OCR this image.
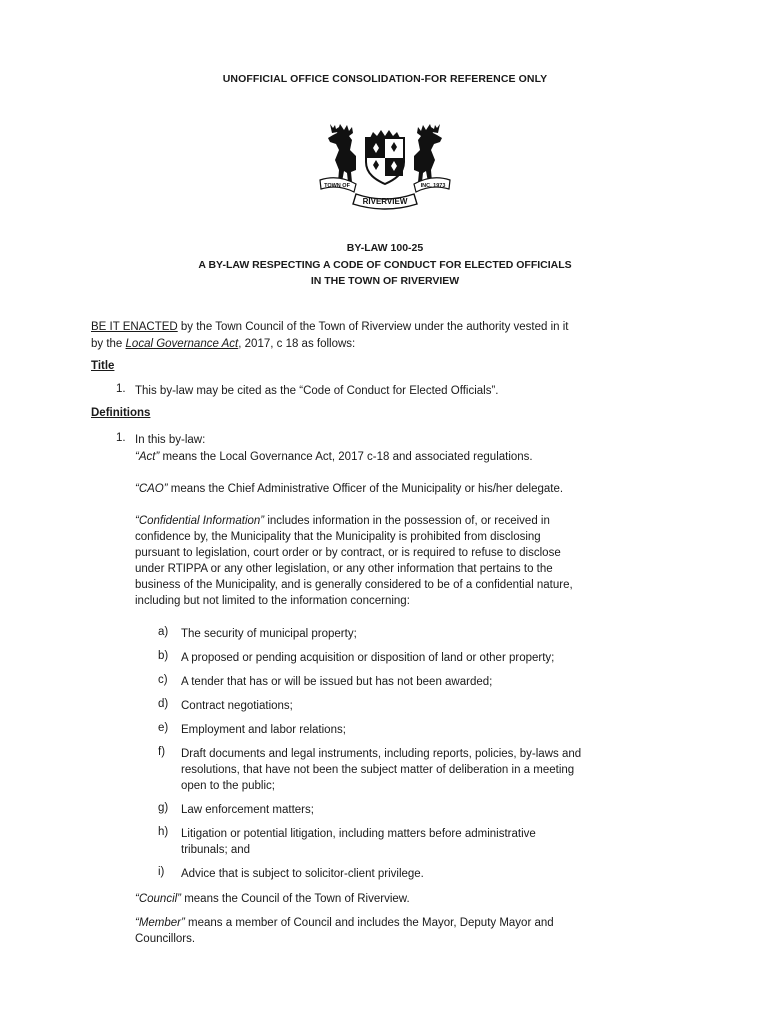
UNOFFICIAL OFFICE CONSOLIDATION-FOR REFERENCE ONLY
TOWN OF	INC. 1973
RIVERVIEW
BY-LAW 100-25
A BY-LAW RESPECTING A CODE OF CONDUCT FOR ELECTED OFFICIALS
IN THE TOWN OF RIVERVIEW
BE IT ENACTED by the Town Council of the Town of Riverview under the authority vested in it
by the Local Governance Act, 2017, c 18 as follows:
Title
1. This by-law may be cited as the “Code of Conduct for Elected Officials”.
Definitions
1. In this by-law:
“Act” means the Local Governance Act, 2017 c-18 and associated regulations.
“CAO” means the Chief Administrative Officer of the Municipality or his/her delegate.
“Confidential Information” includes information in the possession of, or received in
confidence by, the Municipality that the Municipality is prohibited from disclosing
pursuant to legislation, court order or by contract, or is required to refuse to disclose
under RTIPPA or any other legislation, or any other information that pertains to the
business of the Municipality, and is generally considered to be of a confidential nature,
including but not limited to the information concerning:
a) The security of municipal property;
b) A proposed or pending acquisition or disposition of land or other property;
c) A tender that has or will be issued but has not been awarded;
d) Contract negotiations;
e) Employment and labor relations;
f) Draft documents and legal instruments, including reports, policies, by-laws and
resolutions, that have not been the subject matter of deliberation in a meeting
open to the public;
g) Law enforcement matters;
h) Litigation or potential litigation, including matters before administrative
tribunals; and
i) Advice that is subject to solicitor-client privilege.
“Council” means the Council of the Town of Riverview.
“Member” means a member of Council and includes the Mayor, Deputy Mayor and
Councillors.
